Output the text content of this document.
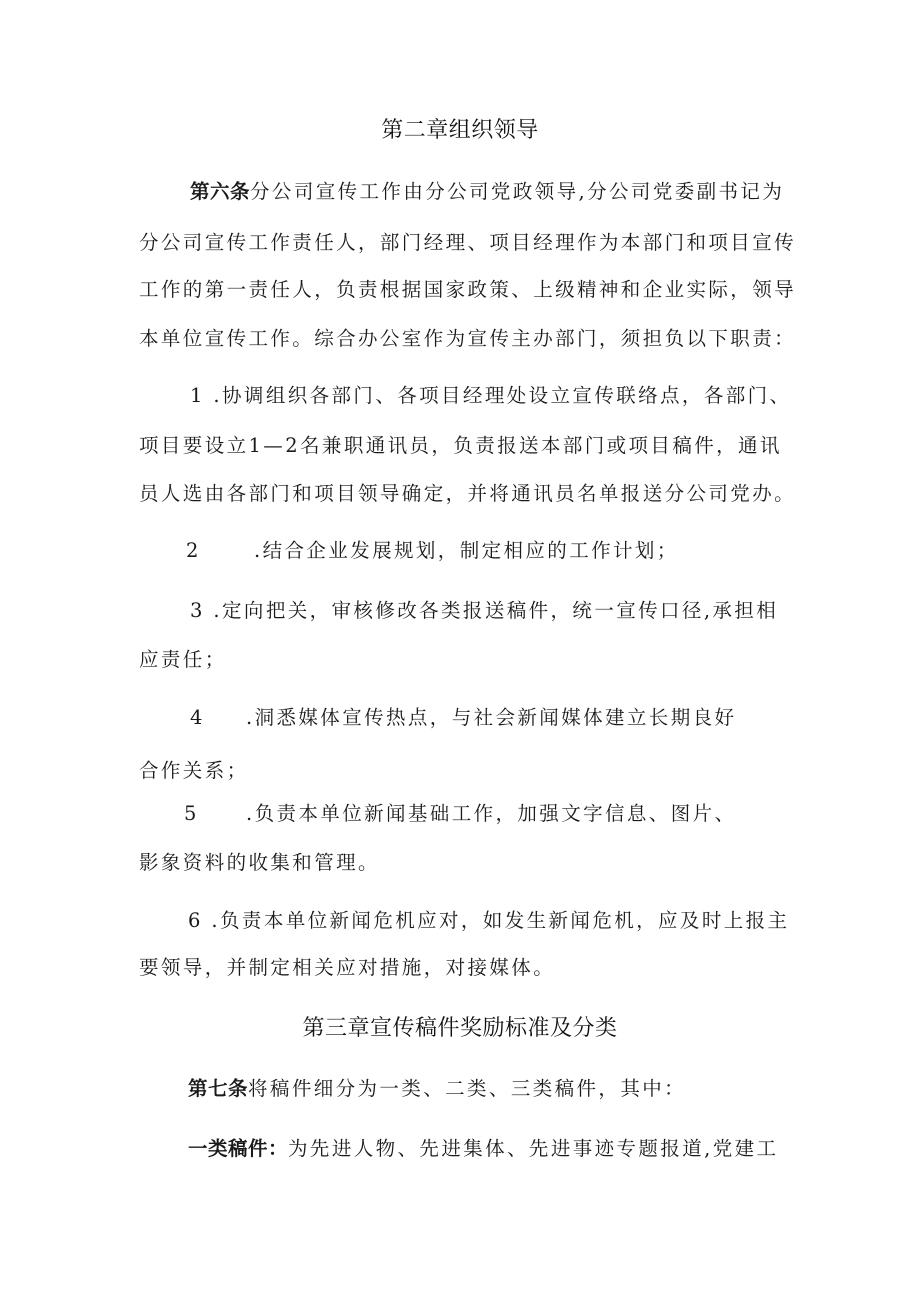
第二章组织领导
第六条分公司宣传工作由分公司党政领导,分公司党委副书记为
分公司宣传工作责任人，部门经理、项目经理作为本部门和项目宣传
工作的第一责任人，负责根据国家政策、上级精神和企业实际，领导
本单位宣传工作。综合办公室作为宣传主办部门，须担负以下职责：
1 .协调组织各部门、各项目经理处设立宣传联络点，各部门、
项目要设立1—2名兼职通讯员，负责报送本部门或项目稿件，通讯
员人选由各部门和项目领导确定，并将通讯员名单报送分公司党办。
2	.结合企业发展规划，制定相应的工作计划；
3 .定向把关，审核修改各类报送稿件，统一宣传口径,承担相
应责任；
4 .洞悉媒体宣传热点，与社会新闻媒体建立长期良好
合作关系；
5 .负责本单位新闻基础工作，加强文字信息、图片、
影象资料的收集和管理。
6 .负责本单位新闻危机应对，如发生新闻危机，应及时上报主
要领导，并制定相关应对措施，对接媒体。
第三章宣传稿件奖励标准及分类
第七条将稿件细分为一类、二类、三类稿件，其中：
一类稿件：为先进人物、先进集体、先进事迹专题报道,党建工
